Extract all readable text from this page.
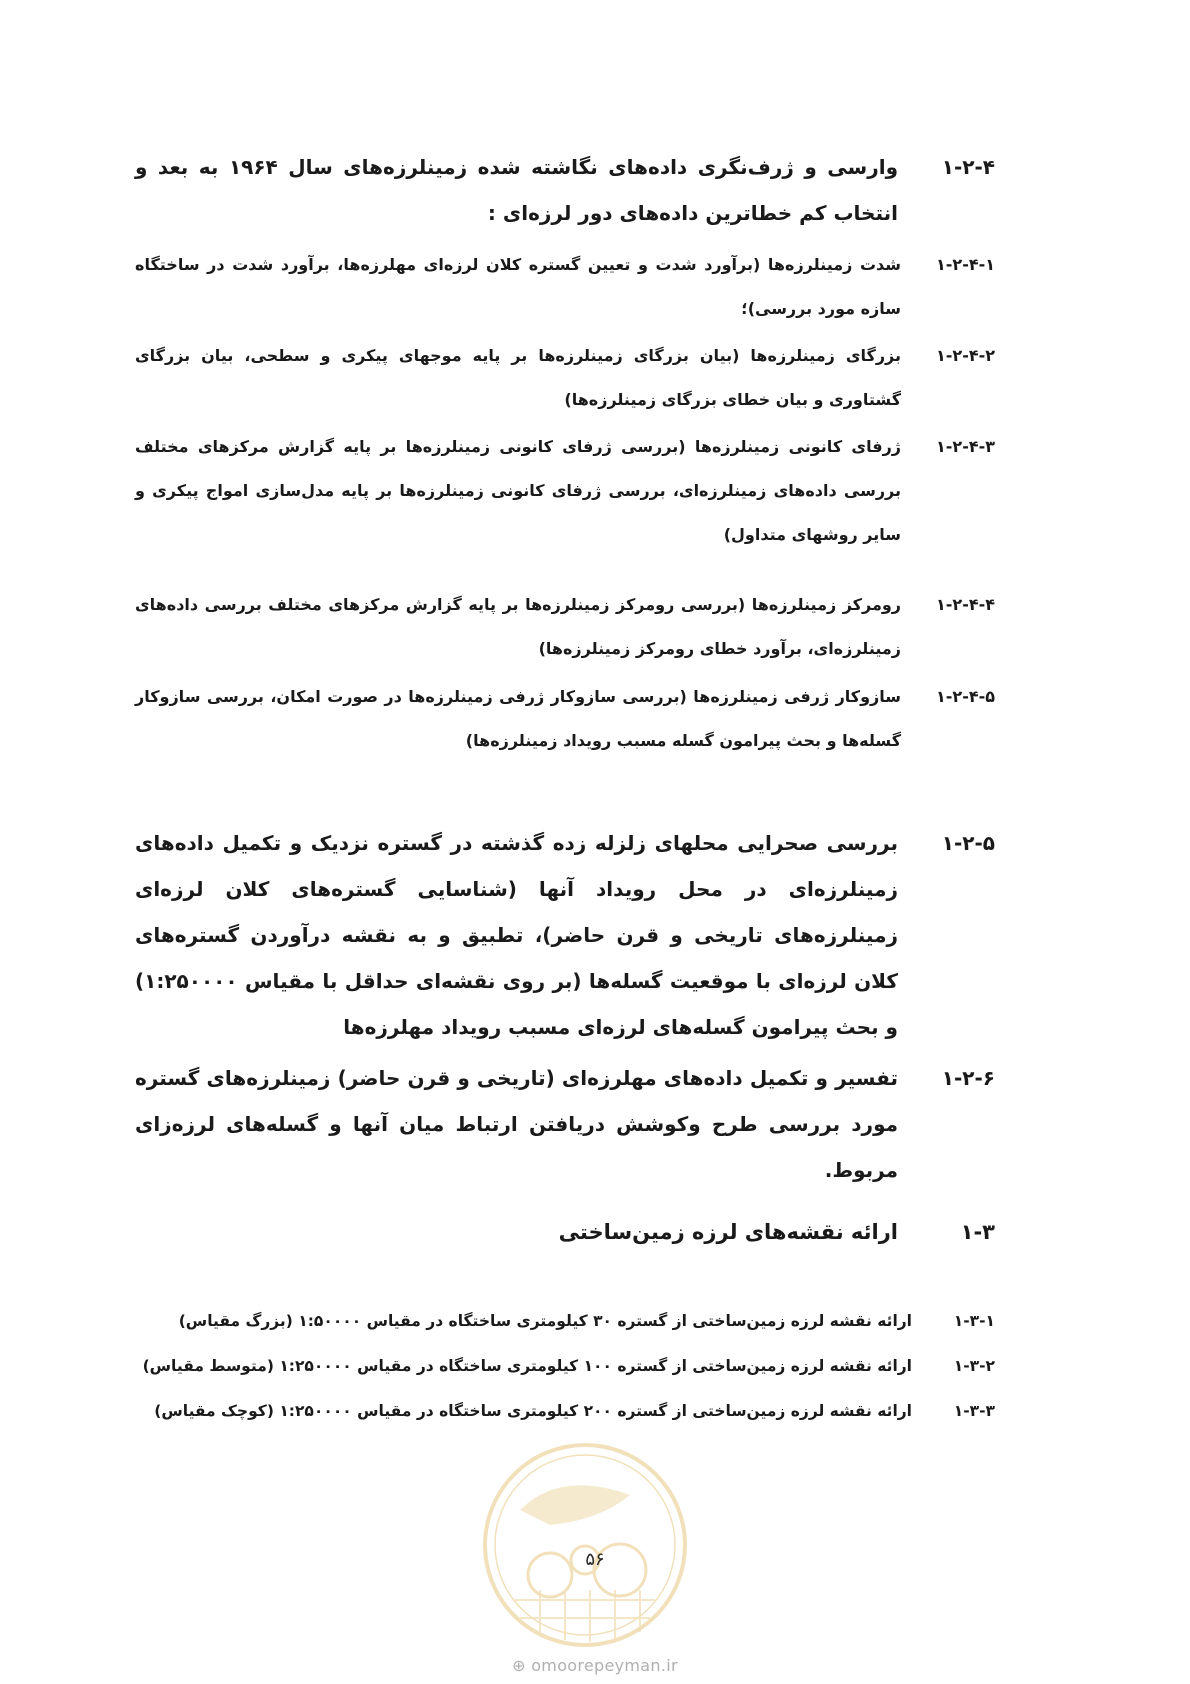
۱-۲-۴
وارسی و ژرف‌نگری داده‌های نگاشته شده زمینلرزه‌های سال ۱۹۶۴ به بعد و انتخاب کم خطاترین داده‌های دور لرزه‌ای :
۱-۲-۴-۱
شدت زمینلرزه‌ها (برآورد شدت و تعیین گستره کلان لرزه‌ای مهلرزه‌ها، برآورد شدت در ساختگاه سازه مورد بررسی)؛
۱-۲-۴-۲
بزرگای زمینلرزه‌ها (بیان بزرگای زمینلرزه‌ها بر پایه موجهای پیکری و سطحی، بیان بزرگای گشتاوری و بیان خطای بزرگای زمینلرزه‌ها)
۱-۲-۴-۳
ژرفای کانونی زمینلرزه‌ها (بررسی ژرفای کانونی زمینلرزه‌ها بر پایه گزارش مرکزهای مختلف بررسی داده‌های زمینلرزه‌ای، بررسی ژرفای کانونی زمینلرزه‌ها بر پایه مدل‌سازی امواج پیکری و سایر روشهای متداول)
۱-۲-۴-۴
رومرکز زمینلرزه‌ها (بررسی رومرکز زمینلرزه‌ها بر پایه گزارش مرکزهای مختلف بررسی داده‌های زمینلرزه‌ای، برآورد خطای رومرکز زمینلرزه‌ها)
۱-۲-۴-۵
سازوکار ژرفی زمینلرزه‌ها (بررسی سازوکار ژرفی زمینلرزه‌ها در صورت امکان، بررسی سازوکار گسله‌ها و بحث پیرامون گسله مسبب رویداد زمینلرزه‌ها)
۱-۲-۵
بررسی صحرایی محلهای زلزله زده گذشته در گستره نزدیک و تکمیل داده‌های زمینلرزه‌ای در محل رویداد آنها (شناسایی گستره‌های کلان لرزه‌ای زمینلرزه‌های تاریخی و قرن حاضر)، تطبیق و به نقشه درآوردن گستره‌های کلان لرزه‌ای با موقعیت گسله‌ها (بر روی نقشه‌ای حداقل با مقیاس ۱:۲۵۰۰۰۰) و بحث پیرامون گسله‌های لرزه‌ای مسبب رویداد مهلرزه‌ها
۱-۲-۶
تفسیر و تکمیل داده‌های مهلرزه‌ای (تاریخی و قرن حاضر) زمینلرزه‌های گستره مورد بررسی طرح وکوشش دریافتن ارتباط میان آنها و گسله‌های لرزه‌زای مربوط.
۱-۳
ارائه نقشه‌های لرزه زمین‌ساختی
۱-۳-۱
ارائه نقشه لرزه زمین‌ساختی از گستره ۳۰ کیلومتری ساختگاه در مقیاس ۱:۵۰۰۰۰ (بزرگ مقیاس)
۱-۳-۲
ارائه نقشه لرزه زمین‌ساختی از گستره ۱۰۰ کیلومتری ساختگاه در مقیاس ۱:۲۵۰۰۰۰ (متوسط مقیاس)
۱-۳-۳
ارائه نقشه لرزه زمین‌ساختی از گستره ۲۰۰ کیلومتری ساختگاه در مقیاس ۱:۲۵۰۰۰۰ (کوچک مقیاس)
۵۶
⊕ omoorepeyman.ir
